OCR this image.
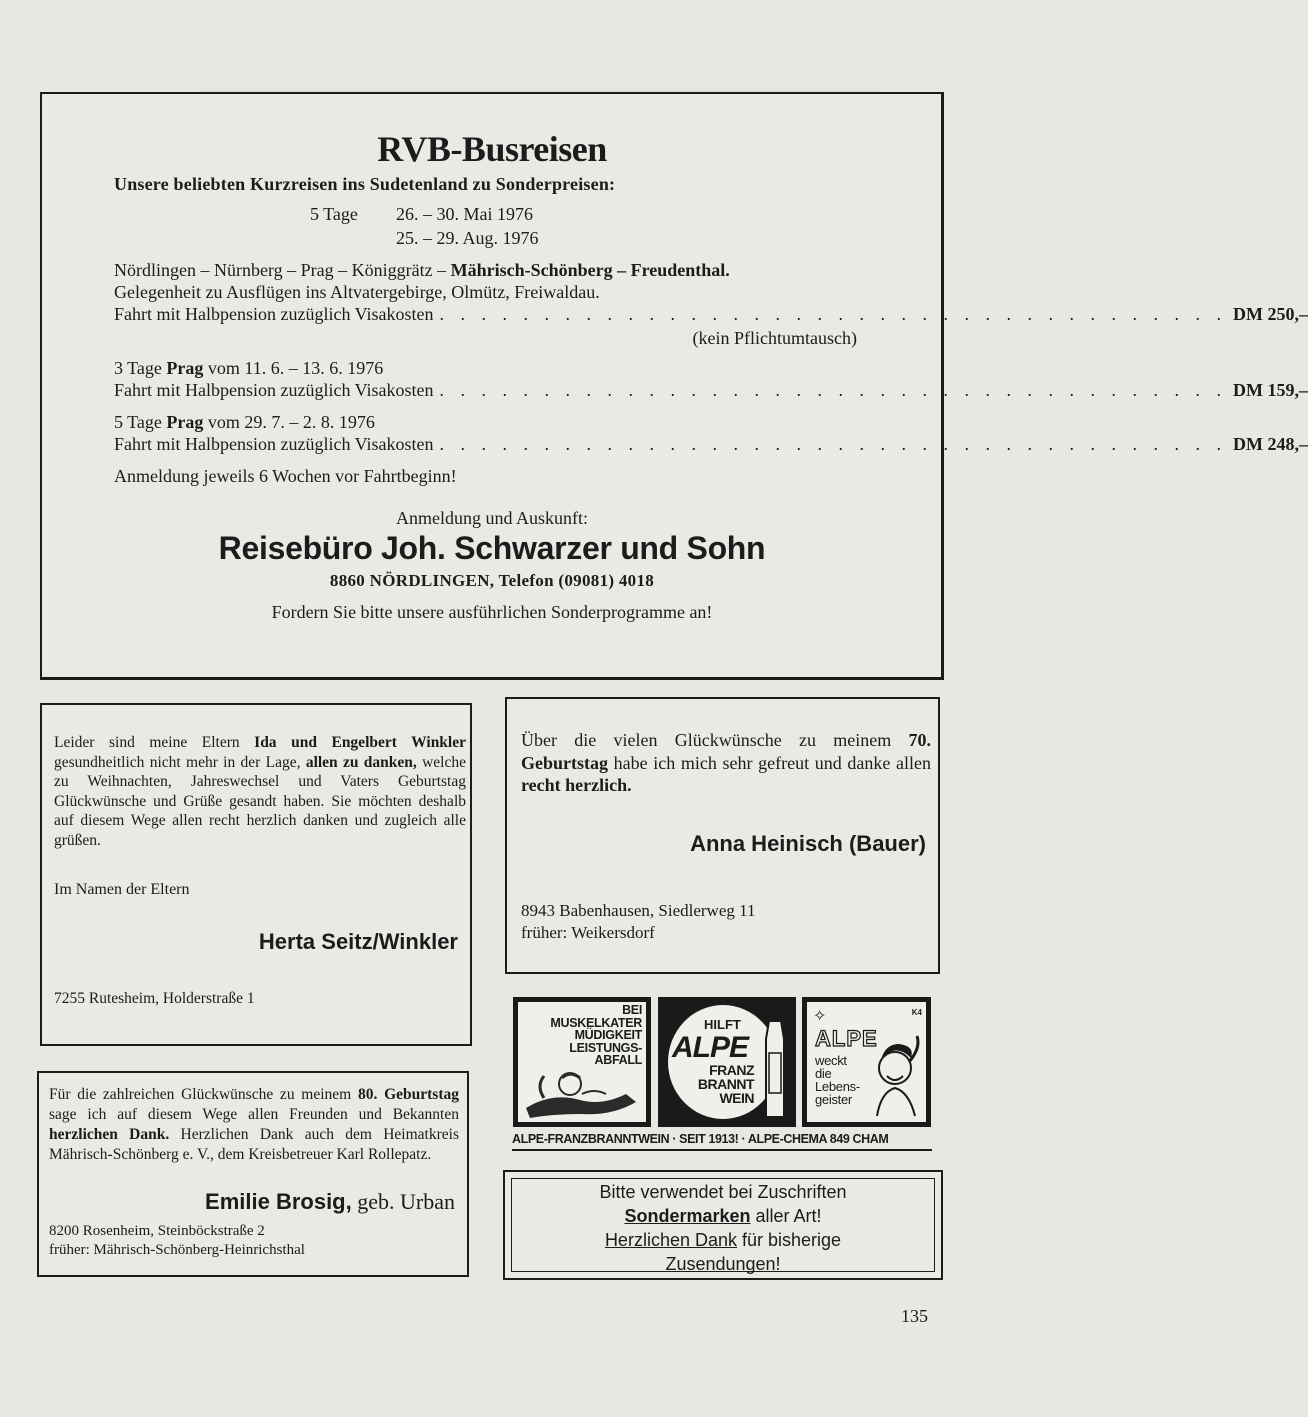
RVB-Busreisen
Unsere beliebten Kurzreisen ins Sudetenland zu Sonderpreisen:
5 Tage 26. – 30. Mai 1976
25. – 29. Aug. 1976
Nördlingen – Nürnberg – Prag – Königgrätz – Mährisch-Schönberg – Freudenthal.
Gelegenheit zu Ausflügen ins Altvatergebirge, Olmütz, Freiwaldau.
Fahrt mit Halbpension zuzüglich Visakosten . . . . . . . . . . . . . . . . . . . . . . . . . . . . . . . . . . . . . . DM 250,–
(kein Pflichtumtausch)
3 Tage Prag vom 11. 6. – 13. 6. 1976
Fahrt mit Halbpension zuzüglich Visakosten . . . . . . . . . . . . . . . . . . . . . . . . . . . . . . . . . . . . . . DM 159,–
5 Tage Prag vom 29. 7. – 2. 8. 1976
Fahrt mit Halbpension zuzüglich Visakosten . . . . . . . . . . . . . . . . . . . . . . . . . . . . . . . . . . . . . . DM 248,–
Anmeldung jeweils 6 Wochen vor Fahrtbeginn!
Anmeldung und Auskunft:
Reisebüro Joh. Schwarzer und Sohn
8860 NÖRDLINGEN, Telefon (09081) 4018
Fordern Sie bitte unsere ausführlichen Sonderprogramme an!
Leider sind meine Eltern Ida und Engelbert Winkler gesundheitlich nicht mehr in der Lage, allen zu danken, welche zu Weihnachten, Jahreswechsel und Vaters Geburtstag Glückwünsche und Grüße gesandt haben. Sie möchten deshalb auf diesem Wege allen recht herzlich danken und zugleich alle grüßen.
Im Namen der Eltern
Herta Seitz/Winkler
7255 Rutesheim, Holderstraße 1
Über die vielen Glückwünsche zu meinem 70. Geburtstag habe ich mich sehr gefreut und danke allen recht herzlich.
Anna Heinisch (Bauer)
8943 Babenhausen, Siedlerweg 11
früher: Weikersdorf
BEI
MUSKELKATER
MÜDIGKEIT
LEISTUNGS-
ABFALL
HILFT
ALPE
FRANZ
BRANNT
WEIN
K4
✧
ALPE
weckt
die
Lebens-
geister
ALPE-FRANZBRANNTWEIN · SEIT 1913! · ALPE-CHEMA 849 CHAM
Bitte verwendet bei Zuschriften
Sondermarken aller Art!
Herzlichen Dank für bisherige
Zusendungen!
Für die zahlreichen Glückwünsche zu meinem 80. Geburtstag sage ich auf diesem Wege allen Freunden und Bekannten herzlichen Dank. Herzlichen Dank auch dem Heimatkreis Mährisch-Schönberg e. V., dem Kreisbetreuer Karl Rollepatz.
Emilie Brosig, geb. Urban
8200 Rosenheim, Steinböckstraße 2
früher: Mährisch-Schönberg-Heinrichsthal
135
